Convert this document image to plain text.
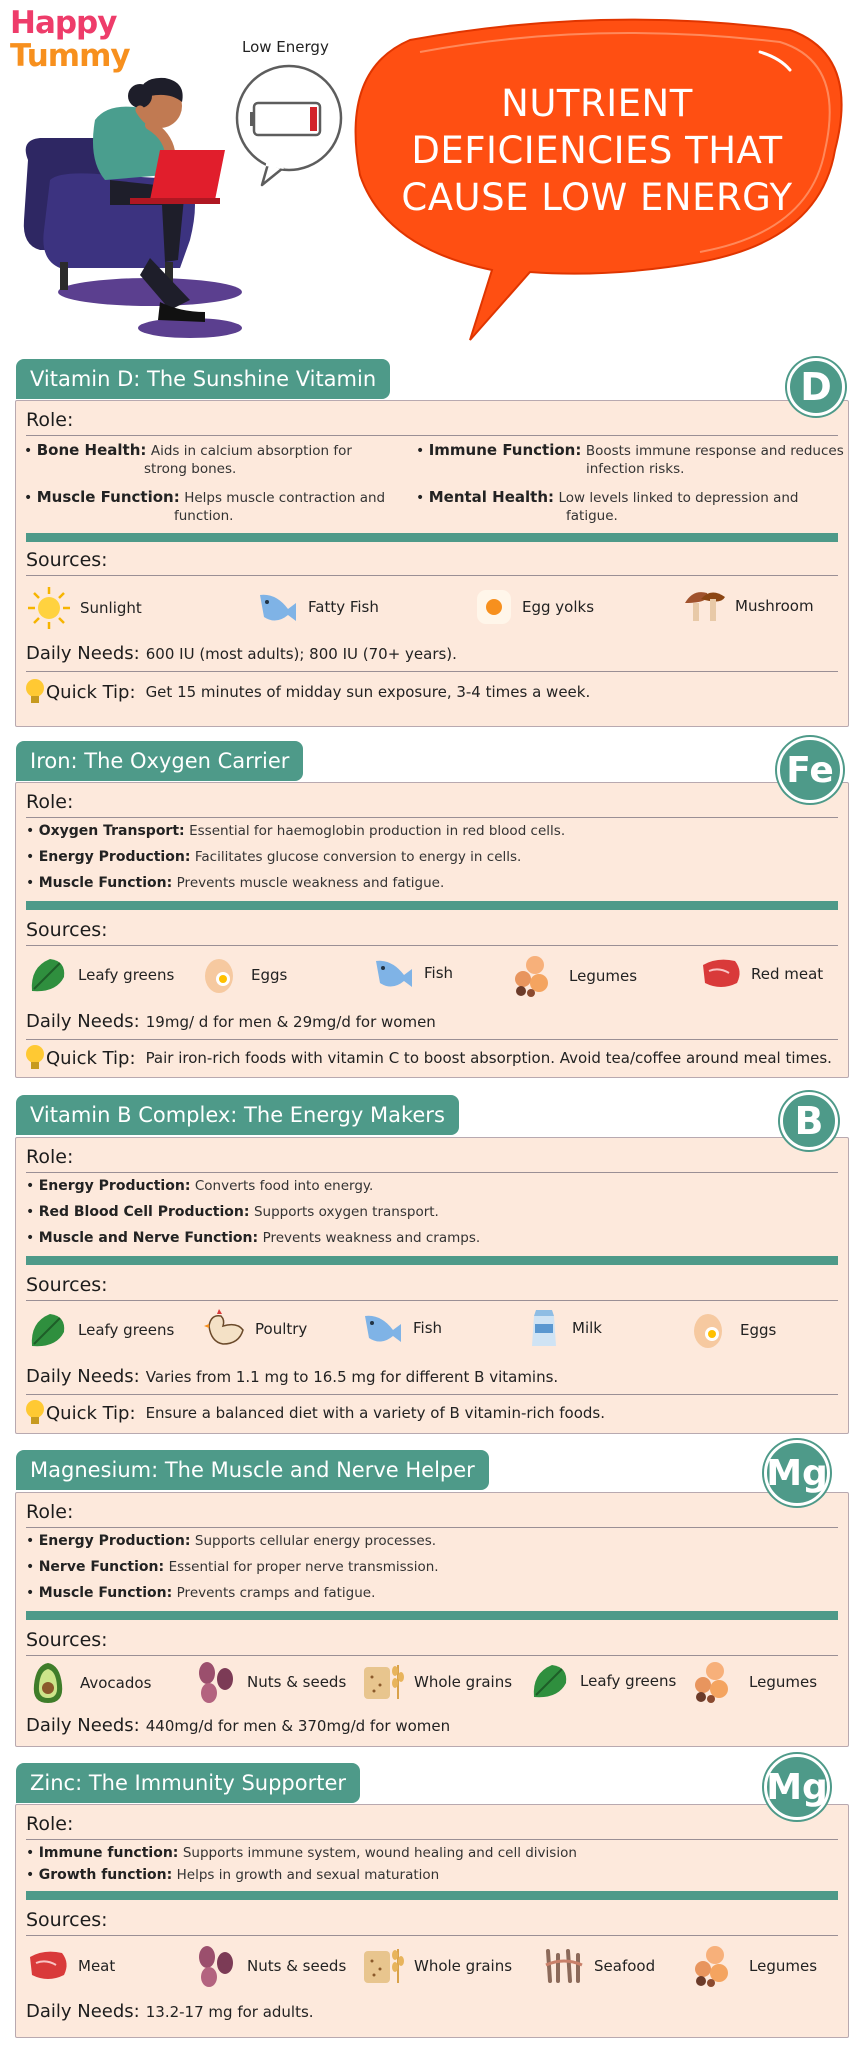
Happy
Tummy	Low Energy
NUTRIENT
DEFICIENCIES THAT
CAUSE LOW ENERGY
Role:
• Bone Health: Aids in calcium absorption for
strong bones.
• Immune Function: Boosts immune response and reduces
infection risks.
• Muscle Function: Helps muscle contraction and
function.
• Mental Health: Low levels linked to depression and
fatigue.
Sources:
Sunlight	Fatty Fish	Egg yolks	Mushroom
Daily Needs: 600 IU (most adults); 800 IU (70+ years).
Quick Tip: Get 15 minutes of midday sun exposure, 3-4 times a week.
Vitamin D: The Sunshine Vitamin	D
Role:
• Oxygen Transport: Essential for haemoglobin production in red blood cells.
• Energy Production: Facilitates glucose conversion to energy in cells.
• Muscle Function: Prevents muscle weakness and fatigue.
Sources:
Leafy greens	Eggs	Fish	Legumes	Red meat
Daily Needs: 19mg/ d for men & 29mg/d for women
Quick Tip: Pair iron-rich foods with vitamin C to boost absorption. Avoid tea/coffee around meal times.
Iron: The Oxygen Carrier	Fe
Role:
• Energy Production: Converts food into energy.
• Red Blood Cell Production: Supports oxygen transport.
• Muscle and Nerve Function: Prevents weakness and cramps.
Sources:
Leafy greens	Poultry	Fish	Milk	Eggs
Daily Needs: Varies from 1.1 mg to 16.5 mg for different B vitamins.
Quick Tip: Ensure a balanced diet with a variety of B vitamin-rich foods.
Vitamin B Complex: The Energy Makers	B
Role:
• Energy Production: Supports cellular energy processes.
• Nerve Function: Essential for proper nerve transmission.
• Muscle Function: Prevents cramps and fatigue.
Sources:
Avocados	Nuts & seeds	Whole grains	Leafy greens	Legumes
Daily Needs: 440mg/d for men & 370mg/d for women
Magnesium: The Muscle and Nerve Helper	Mg
Role:
• Immune function: Supports immune system, wound healing and cell division
• Growth function: Helps in growth and sexual maturation
Sources:
Meat	Nuts & seeds	Whole grains	Seafood	Legumes
Daily Needs: 13.2-17 mg for adults.
Zinc: The Immunity Supporter	Mg
